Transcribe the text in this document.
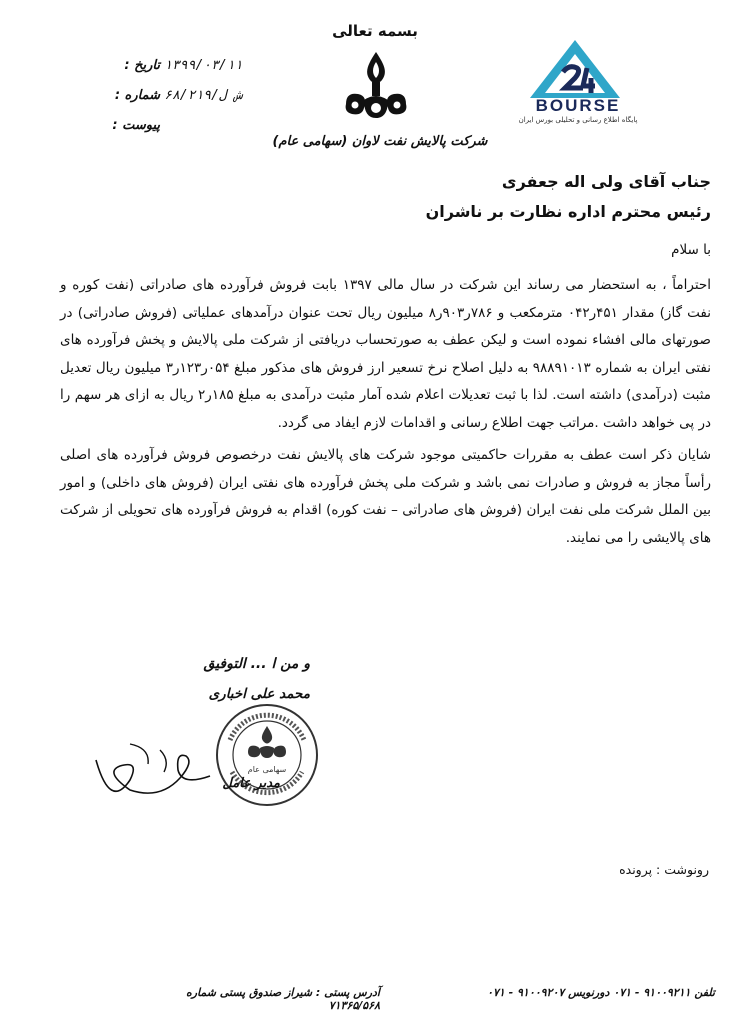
BOURSE
پایگاه اطلاع رسانی و تحلیلی بورس ایران
بسمه تعالی
شرکت پالایش نفت لاوان (سهامی عام)
تاریخ : ۱۳۹۹/۰۳/۱۱
شماره : ش ل/۶۸/۲۱۹
پیوست :
جناب آقای ولی اله جعفری
رئیس محترم اداره نظارت بر ناشران
با سلام

احتراماً ، به استحضار می رساند این شرکت در سال مالی ۱۳۹۷ بابت فروش فرآورده های صادراتی (نفت کوره و نفت گاز) مقدار ۴۵۱ر۰۴۲ مترمکعب و ۷۸۶ر۹۰۳ر۸ میلیون ریال تحت عنوان درآمدهای عملیاتی (فروش صادراتی) در صورتهای مالی افشاء نموده است و لیکن عطف به صورتحساب دریافتی از شرکت ملی پالایش و پخش فرآورده های نفتی ایران به شماره ۹۸۸۹۱۰۱۳ به دلیل اصلاح نرخ تسعیر ارز فروش های مذکور مبلغ ۰۵۴ر۱۲۳ر۳ میلیون ریال تعدیل مثبت (درآمدی) داشته است. لذا با ثبت تعدیلات اعلام شده آمار مثبت درآمدی به مبلغ ۱۸۵ر۲ ریال به ازای هر سهم را در پی خواهد داشت .مراتب جهت اطلاع رسانی و اقدامات لازم ایفاد می گردد.

شایان ذکر است عطف به مقررات حاکمیتی موجود شرکت های پالایش نفت درخصوص فروش فرآورده های اصلی رأساً مجاز به فروش و صادرات نمی باشد و شرکت ملی پخش فرآورده های نفتی ایران (فروش های داخلی) و امور بین الملل شرکت ملی نفت ایران (فروش های صادراتی – نفت کوره) اقدام به فروش فرآورده های تحویلی از شرکت های پالایشی را می نمایند.

و من ا ... التوفیق
محمد علی اخباری
سهامی عام
مدیر عامل
رونوشت : پرونده
آدرس پستی : شیراز صندوق پستی شماره ۷۱۳۶۵/۵۶۸
تلفن ۹۱۰۰۹۲۱۱ - ۰۷۱ دورنویس ۹۱۰۰۹۲۰۷ - ۰۷۱
